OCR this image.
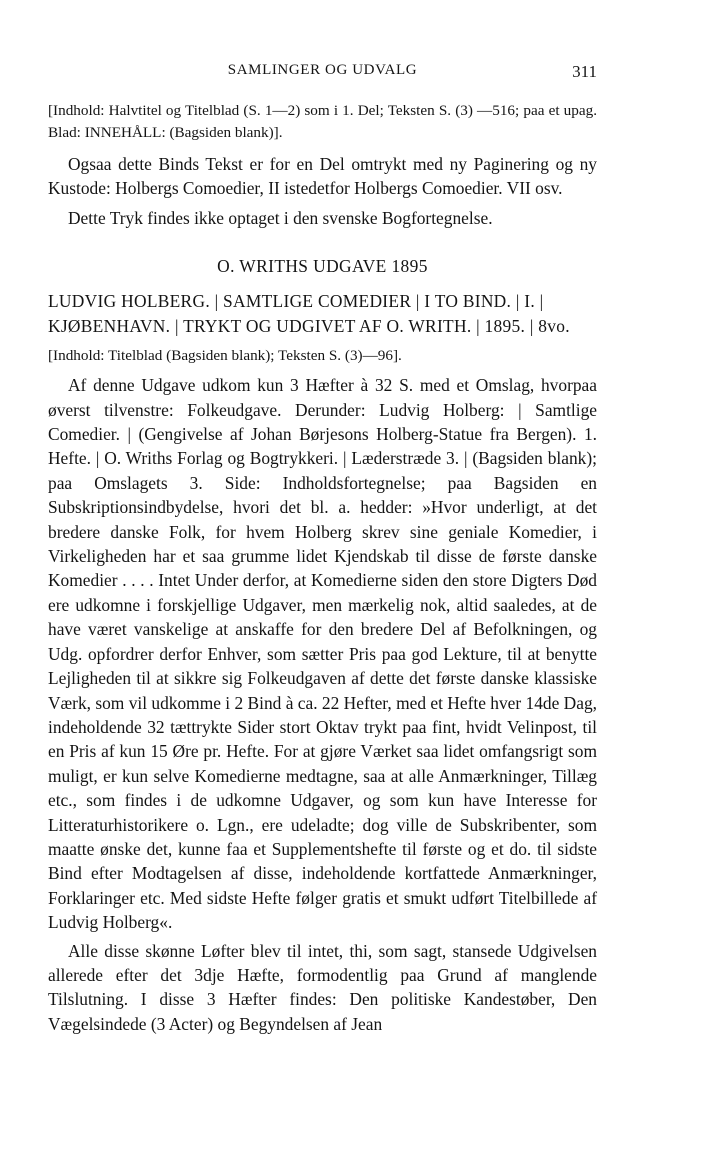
SAMLINGER OG UDVALG	311

[Indhold: Halvtitel og Titelblad (S. 1—2) som i 1. Del; Teksten S. (3) —516; paa et upag. Blad: INNEHÅLL: (Bagsiden blank)].

Ogsaa dette Binds Tekst er for en Del omtrykt med ny Paginering og ny Kustode: Holbergs Comoedier, II istedetfor Holbergs Comoedier. VII osv.

Dette Tryk findes ikke optaget i den svenske Bogfortegnelse.

O. WRITHS UDGAVE 1895

LUDVIG HOLBERG. | SAMTLIGE COMEDIER | I TO BIND. | I. | KJØBENHAVN. | TRYKT OG UDGIVET AF O. WRITH. | 1895. | 8vo.

[Indhold: Titelblad (Bagsiden blank); Teksten S. (3)—96].

Af denne Udgave udkom kun 3 Hæfter à 32 S. med et Omslag, hvorpaa øverst tilvenstre: Folkeudgave. Derunder: Ludvig Holberg: | Samtlige Comedier. | (Gengivelse af Johan Børjesons Holberg-Statue fra Bergen). 1. Hefte. | O. Wriths Forlag og Bogtrykkeri. | Læderstræde 3. | (Bagsiden blank); paa Omslagets 3. Side: Indholdsfortegnelse; paa Bagsiden en Subskriptionsindbydelse, hvori det bl. a. hedder: »Hvor underligt, at det bredere danske Folk, for hvem Holberg skrev sine geniale Komedier, i Virkeligheden har et saa grumme lidet Kjendskab til disse de første danske Komedier . . . . Intet Under derfor, at Komedierne siden den store Digters Død ere udkomne i forskjellige Udgaver, men mærkelig nok, altid saaledes, at de have været vanskelige at anskaffe for den bredere Del af Befolkningen, og Udg. opfordrer derfor Enhver, som sætter Pris paa god Lekture, til at benytte Lejligheden til at sikkre sig Folkeudgaven af dette det første danske klassiske Værk, som vil udkomme i 2 Bind à ca. 22 Hefter, med et Hefte hver 14de Dag, indeholdende 32 tættrykte Sider stort Oktav trykt paa fint, hvidt Velinpost, til en Pris af kun 15 Øre pr. Hefte. For at gjøre Værket saa lidet omfangsrigt som muligt, er kun selve Komedierne medtagne, saa at alle Anmærkninger, Tillæg etc., som findes i de udkomne Udgaver, og som kun have Interesse for Litteraturhistorikere o. Lgn., ere udeladte; dog ville de Subskribenter, som maatte ønske det, kunne faa et Supplementshefte til første og et do. til sidste Bind efter Modtagelsen af disse, indeholdende kortfattede Anmærkninger, Forklaringer etc. Med sidste Hefte følger gratis et smukt udført Titelbillede af Ludvig Holberg«.

Alle disse skønne Løfter blev til intet, thi, som sagt, stansede Udgivelsen allerede efter det 3dje Hæfte, formodentlig paa Grund af manglende Tilslutning. I disse 3 Hæfter findes: Den politiske Kandestøber, Den Vægelsindede (3 Acter) og Begyndelsen af Jean
